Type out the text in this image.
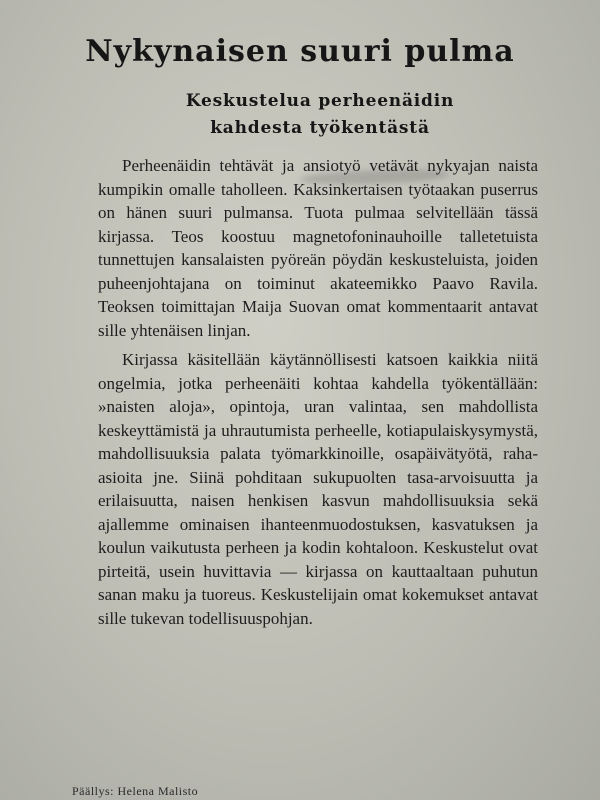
Nykynaisen suuri pulma
Keskustelua perheenäidin
kahdesta työkentästä

Perheenäidin tehtävät ja ansiotyö vetävät nykyajan naista kumpikin omalle taholleen. Kaksinkertaisen työtaakan puserrus on hänen suuri pulmansa. Tuota pulmaa selvitellään tässä kirjassa. Teos koostuu magnetofoninauhoille talletetuista tunnettujen kansalaisten pyöreän pöydän keskusteluista, joiden puheenjohtajana on toiminut akateemikko Paavo Ravila. Teoksen toimittajan Maija Suovan omat kommentaarit antavat sille yhtenäisen linjan.

Kirjassa käsitellään käytännöllisesti katsoen kaikkia niitä ongelmia, jotka perheenäiti kohtaa kahdella työkentällään: »naisten aloja», opintoja, uran valintaa, sen mahdollista keskeyttämistä ja uhrautumista perheelle, kotiapulaiskysymystä, mahdollisuuksia palata työmarkkinoille, osapäivätyötä, raha-asioita jne. Siinä pohditaan sukupuolten tasa-arvoisuutta ja erilaisuutta, naisen henkisen kasvun mahdollisuuksia sekä ajallemme ominaisen ihanteenmuodostuksen, kasvatuksen ja koulun vaikutusta perheen ja kodin kohtaloon. Keskustelut ovat pirteitä, usein huvittavia — kirjassa on kauttaaltaan puhutun sanan maku ja tuoreus. Keskustelijain omat kokemukset antavat sille tukevan todellisuuspohjan.

Päällys: Helena Malisto
